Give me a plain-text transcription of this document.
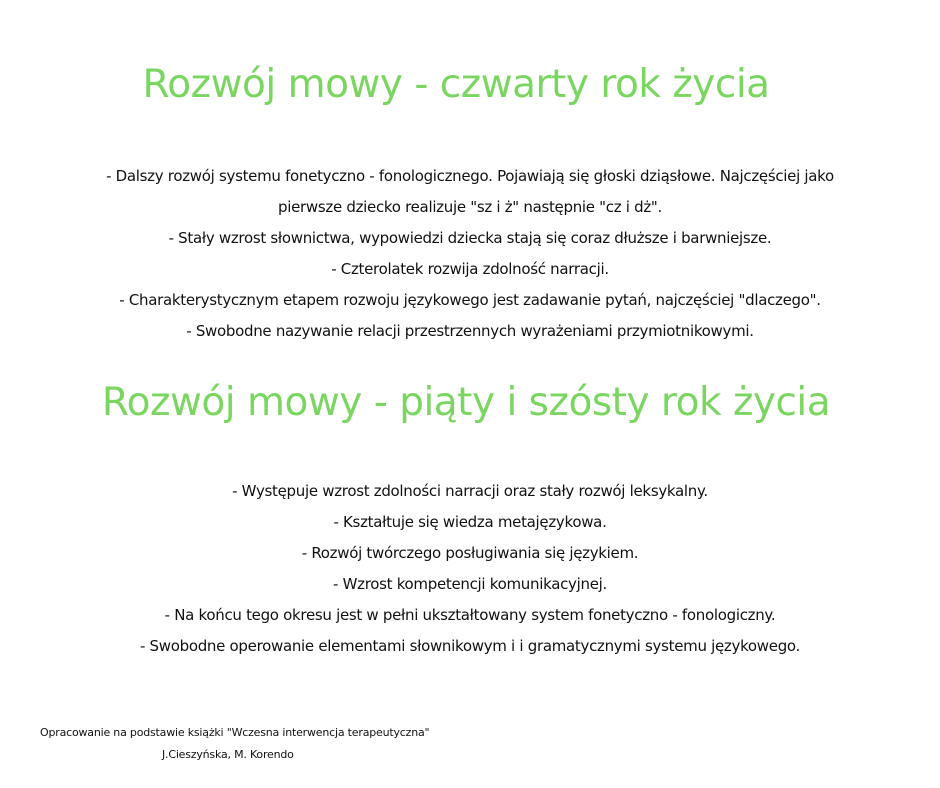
Rozwój mowy - czwarty rok życia
- Dalszy rozwój systemu fonetyczno - fonologicznego. Pojawiają się głoski dziąsłowe. Najczęściej jako
pierwsze dziecko realizuje "sz i ż" następnie "cz i dż".
- Stały wzrost słownictwa, wypowiedzi dziecka stają się coraz dłuższe i barwniejsze.
- Czterolatek rozwija zdolność narracji.
- Charakterystycznym etapem rozwoju językowego jest zadawanie pytań, najczęściej "dlaczego".
- Swobodne nazywanie relacji przestrzennych wyrażeniami przymiotnikowymi.
Rozwój mowy - piąty i szósty rok życia
- Występuje wzrost zdolności narracji oraz stały rozwój leksykalny.
- Kształtuje się wiedza metajęzykowa.
- Rozwój twórczego posługiwania się językiem.
- Wzrost kompetencji komunikacyjnej.
- Na końcu tego okresu jest w pełni ukształtowany system fonetyczno - fonologiczny.
- Swobodne operowanie elementami słownikowym i i gramatycznymi systemu językowego.
Opracowanie na podstawie książki "Wczesna interwencja terapeutyczna"
J.Cieszyńska, M. Korendo
